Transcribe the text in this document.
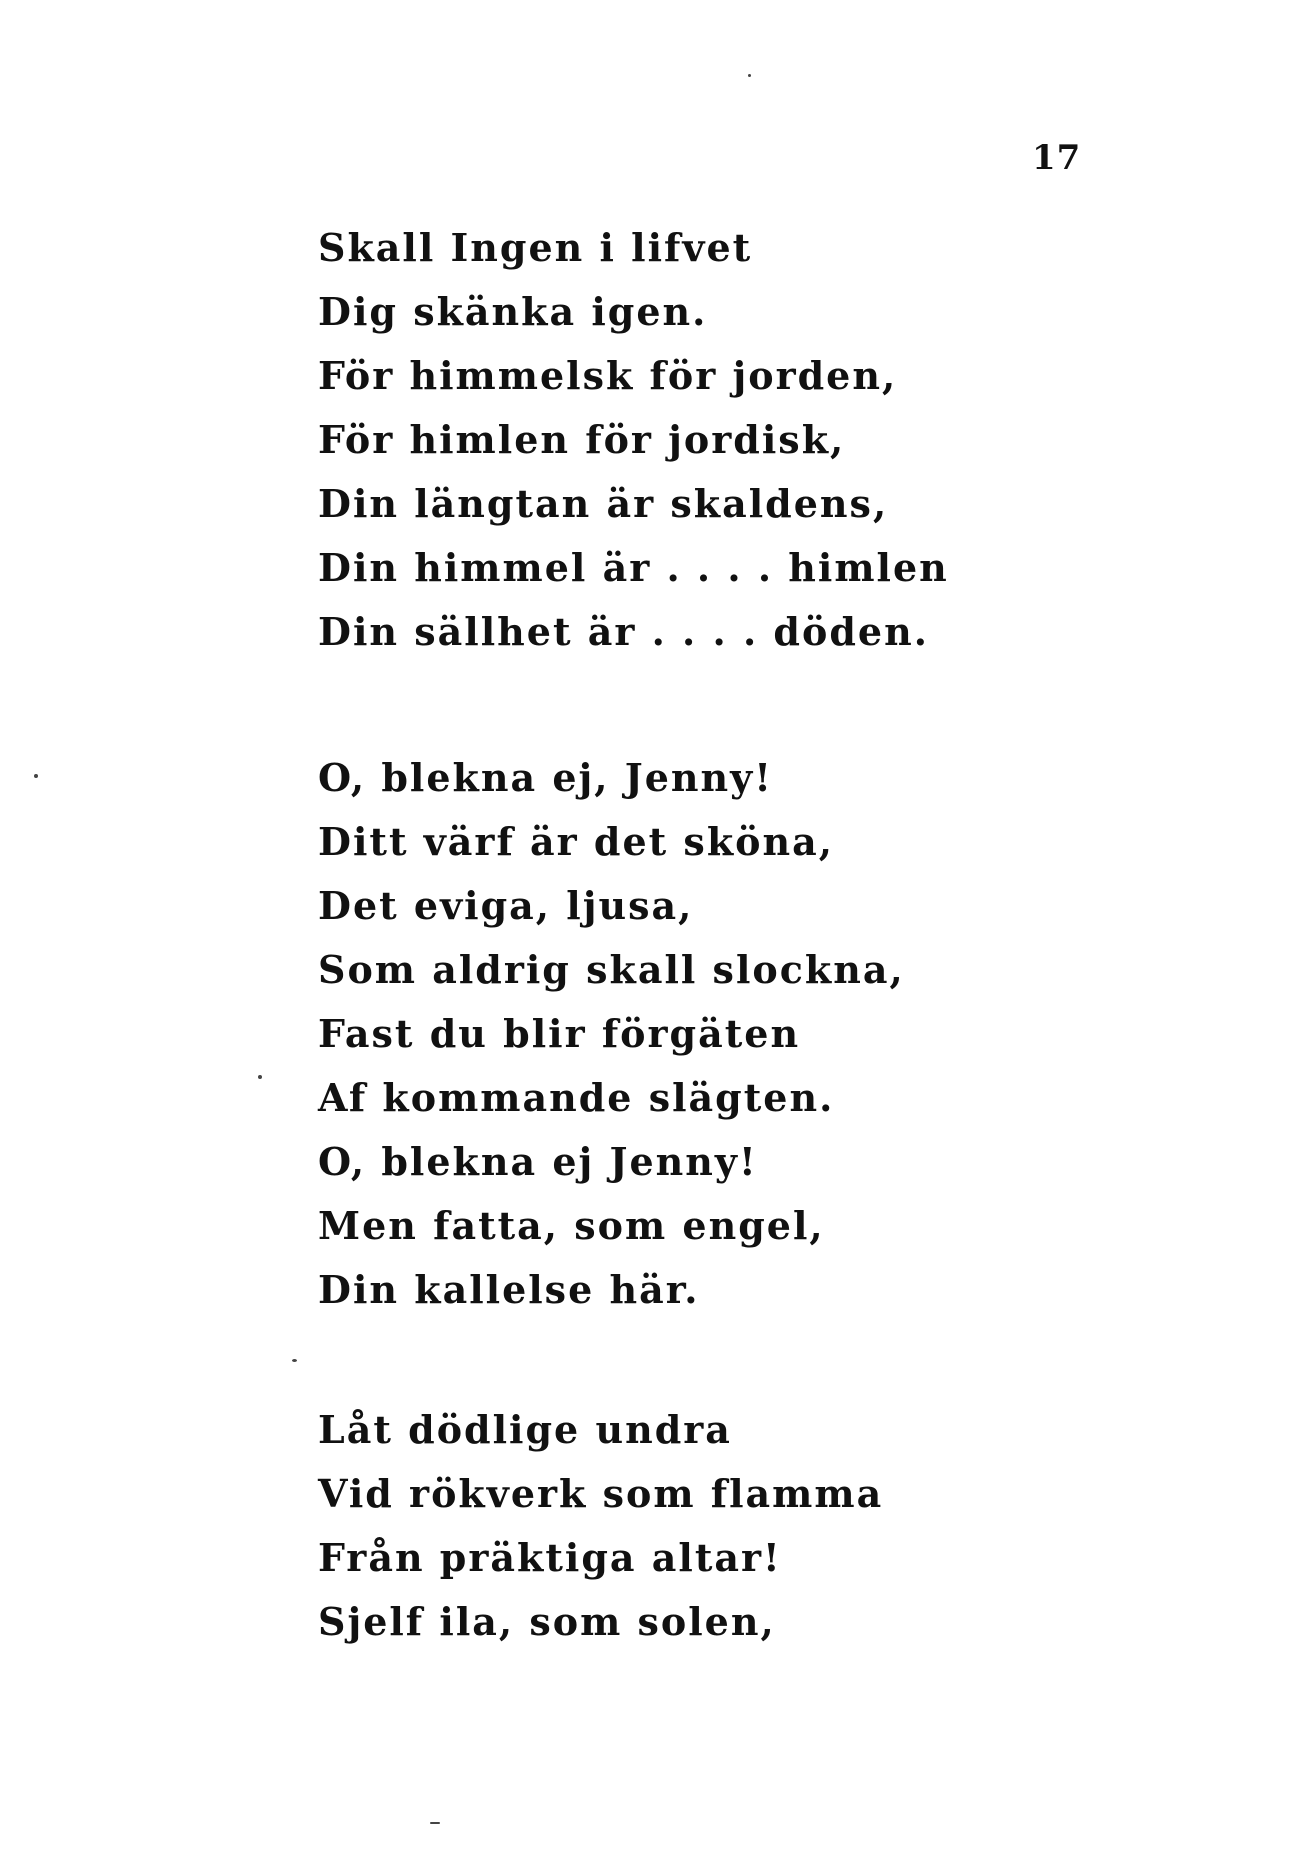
17
Skall Ingen i lifvet
Dig skänka igen.
För himmelsk för jorden,
För himlen för jordisk,
Din längtan är skaldens,
Din himmel är . . . . himlen
Din sällhet är . . . . döden.
O, blekna ej, Jenny!
Ditt värf är det sköna,
Det eviga, ljusa,
Som aldrig skall slockna,
Fast du blir förgäten
Af kommande slägten.
O, blekna ej Jenny!
Men fatta, som engel,
Din kallelse här.
Låt dödlige undra
Vid rökverk som flamma
Från präktiga altar!
Sjelf ila, som solen,
